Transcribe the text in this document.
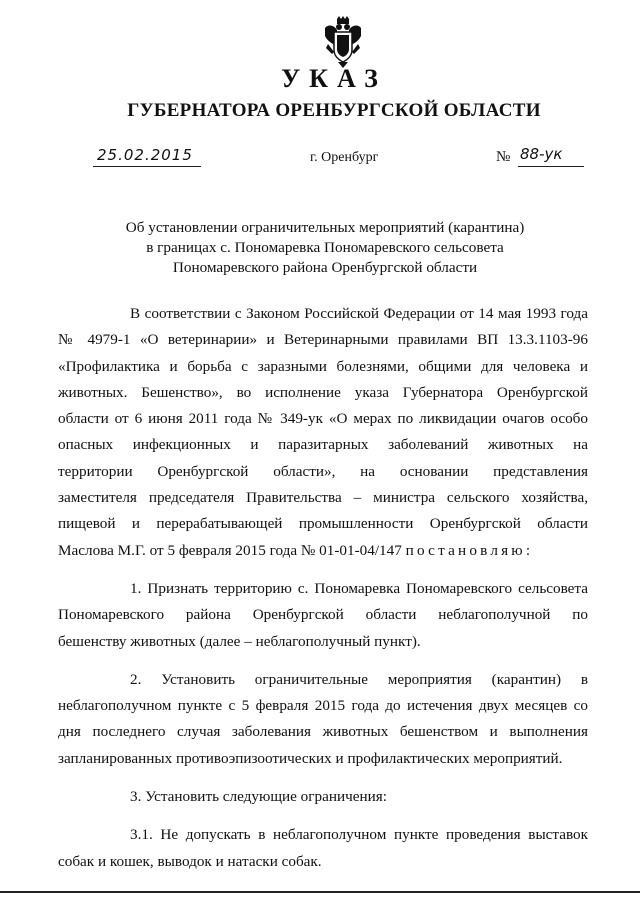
УКАЗ
ГУБЕРНАТОРА ОРЕНБУРГСКОЙ ОБЛАСТИ
25.02.2015	г. Оренбург	№ 88-ук
Об установлении ограничительных мероприятий (карантина)
в границах с. Пономаревка Пономаревского сельсовета
Пономаревского района Оренбургской области
В соответствии с Законом Российской Федерации от 14 мая 1993 года
№ 4979-1 «О ветеринарии» и Ветеринарными правилами ВП 13.3.1103-96
«Профилактика и борьба с заразными болезнями, общими для человека и
животных. Бешенство», во исполнение указа Губернатора Оренбургской
области от 6 июня 2011 года № 349-ук «О мерах по ликвидации очагов особо
опасных инфекционных и паразитарных заболеваний животных на
территории Оренбургской области», на основании представления
заместителя председателя Правительства – министра сельского хозяйства,
пищевой и перерабатывающей промышленности Оренбургской области
Маслова М.Г. от 5 февраля 2015 года № 01-01-04/147 постановляю:
1. Признать территорию с. Пономаревка Пономаревского сельсовета
Пономаревского района Оренбургской области неблагополучной по
бешенству животных (далее – неблагополучный пункт).
2. Установить ограничительные мероприятия (карантин) в
неблагополучном пункте с 5 февраля 2015 года до истечения двух месяцев со
дня последнего случая заболевания животных бешенством и выполнения
запланированных противоэпизоотических и профилактических мероприятий.
3. Установить следующие ограничения:
3.1. Не допускать в неблагополучном пункте проведения выставок
собак и кошек, выводок и натаски собак.
